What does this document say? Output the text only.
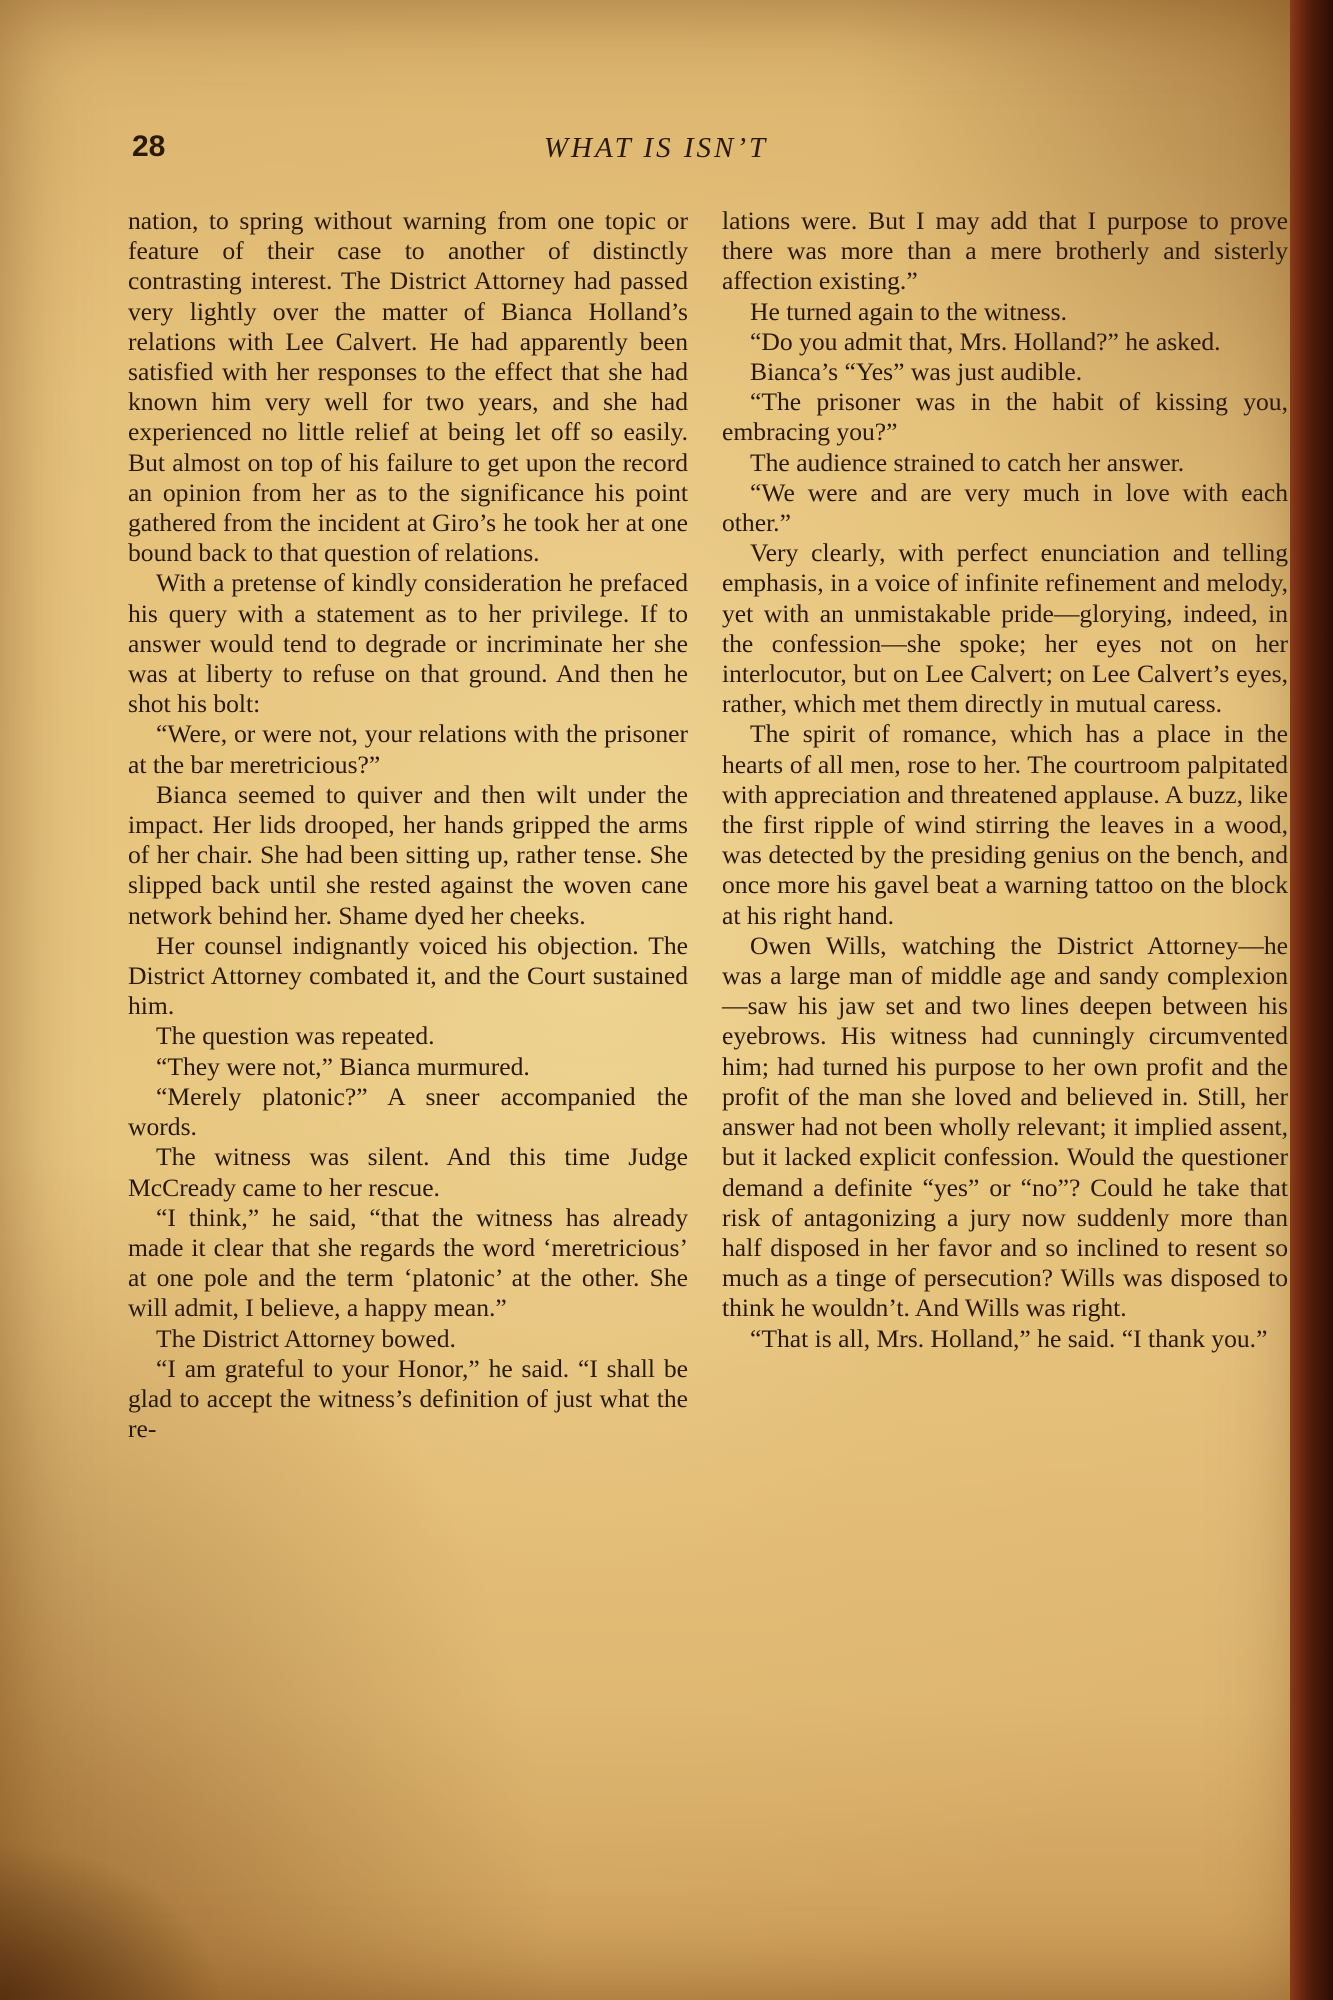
28	WHAT IS ISN’T

nation, to spring without warning from one topic or feature of their case to another of distinctly contrasting interest. The District Attorney had passed very lightly over the matter of Bianca Holland’s relations with Lee Calvert. He had apparently been satisfied with her responses to the effect that she had known him very well for two years, and she had experienced no little relief at being let off so easily. But almost on top of his failure to get upon the record an opinion from her as to the significance his point gathered from the incident at Giro’s he took her at one bound back to that question of relations.

With a pretense of kindly consideration he prefaced his query with a statement as to her privilege. If to answer would tend to degrade or incriminate her she was at liberty to refuse on that ground. And then he shot his bolt:

“Were, or were not, your relations with the prisoner at the bar meretricious?”

Bianca seemed to quiver and then wilt under the impact. Her lids drooped, her hands gripped the arms of her chair. She had been sitting up, rather tense. She slipped back until she rested against the woven cane network behind her. Shame dyed her cheeks.

Her counsel indignantly voiced his objection. The District Attorney combated it, and the Court sustained him.

The question was repeated.

“They were not,” Bianca murmured.

“Merely platonic?” A sneer accompanied the words.

The witness was silent. And this time Judge McCready came to her rescue.

“I think,” he said, “that the witness has already made it clear that she regards the word ‘meretricious’ at one pole and the term ‘platonic’ at the other. She will admit, I believe, a happy mean.”

The District Attorney bowed.

“I am grateful to your Honor,” he said. “I shall be glad to accept the witness’s definition of just what the re-

lations were. But I may add that I purpose to prove there was more than a mere brotherly and sisterly affection existing.”

He turned again to the witness.

“Do you admit that, Mrs. Holland?” he asked.

Bianca’s “Yes” was just audible.

“The prisoner was in the habit of kissing you, embracing you?”

The audience strained to catch her answer.

“We were and are very much in love with each other.”

Very clearly, with perfect enunciation and telling emphasis, in a voice of infinite refinement and melody, yet with an unmistakable pride—glorying, indeed, in the confession—she spoke; her eyes not on her interlocutor, but on Lee Calvert; on Lee Calvert’s eyes, rather, which met them directly in mutual caress.

The spirit of romance, which has a place in the hearts of all men, rose to her. The courtroom palpitated with appreciation and threatened applause. A buzz, like the first ripple of wind stirring the leaves in a wood, was detected by the presiding genius on the bench, and once more his gavel beat a warning tattoo on the block at his right hand.

Owen Wills, watching the District Attorney—he was a large man of middle age and sandy complexion—saw his jaw set and two lines deepen between his eyebrows. His witness had cunningly circumvented him; had turned his purpose to her own profit and the profit of the man she loved and believed in. Still, her answer had not been wholly relevant; it implied assent, but it lacked explicit confession. Would the questioner demand a definite “yes” or “no”? Could he take that risk of antagonizing a jury now suddenly more than half disposed in her favor and so inclined to resent so much as a tinge of persecution? Wills was disposed to think he wouldn’t. And Wills was right.

“That is all, Mrs. Holland,” he said. “I thank you.”
